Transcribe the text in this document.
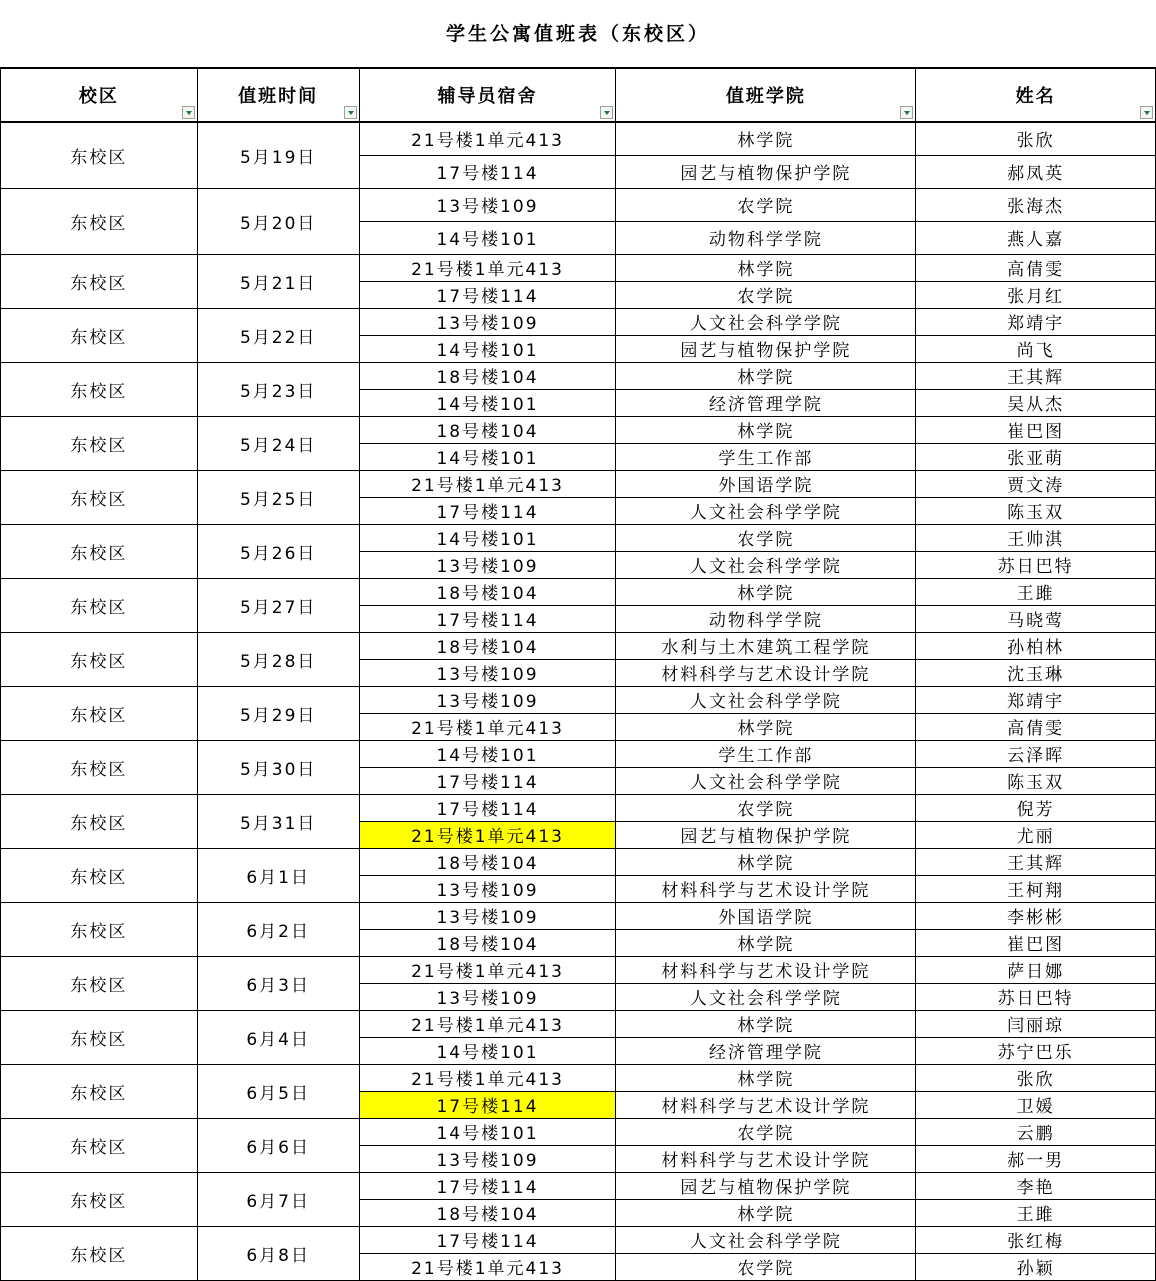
学生公寓值班表（东校区）
校区	值班时间	辅导员宿舍	值班学院	姓名

东校区	5月19日	21号楼1单元413	林学院	张欣
		17号楼114	园艺与植物保护学院	郝凤英
东校区	5月20日	13号楼109	农学院	张海杰
		14号楼101	动物科学学院	燕人嘉
东校区	5月21日	21号楼1单元413	林学院	高倩雯
		17号楼114	农学院	张月红
东校区	5月22日	13号楼109	人文社会科学学院	郑靖宇
		14号楼101	园艺与植物保护学院	尚飞
东校区	5月23日	18号楼104	林学院	王其辉
		14号楼101	经济管理学院	吴从杰
东校区	5月24日	18号楼104	林学院	崔巴图
		14号楼101	学生工作部	张亚萌
东校区	5月25日	21号楼1单元413	外国语学院	贾文涛
		17号楼114	人文社会科学学院	陈玉双
东校区	5月26日	14号楼101	农学院	王帅淇
		13号楼109	人文社会科学学院	苏日巴特
东校区	5月27日	18号楼104	林学院	王雎
		17号楼114	动物科学学院	马晓莺
东校区	5月28日	18号楼104	水利与土木建筑工程学院	孙柏林
		13号楼109	材料科学与艺术设计学院	沈玉琳
东校区	5月29日	13号楼109	人文社会科学学院	郑靖宇
		21号楼1单元413	林学院	高倩雯
东校区	5月30日	14号楼101	学生工作部	云泽晖
		17号楼114	人文社会科学学院	陈玉双
东校区	5月31日	17号楼114	农学院	倪芳
		21号楼1单元413	园艺与植物保护学院	尤丽
东校区	6月1日	18号楼104	林学院	王其辉
		13号楼109	材料科学与艺术设计学院	王柯翔
东校区	6月2日	13号楼109	外国语学院	李彬彬
		18号楼104	林学院	崔巴图
东校区	6月3日	21号楼1单元413	材料科学与艺术设计学院	萨日娜
		13号楼109	人文社会科学学院	苏日巴特
东校区	6月4日	21号楼1单元413	林学院	闫丽琼
		14号楼101	经济管理学院	苏宁巴乐
东校区	6月5日	21号楼1单元413	林学院	张欣
		17号楼114	材料科学与艺术设计学院	卫媛
东校区	6月6日	14号楼101	农学院	云鹏
		13号楼109	材料科学与艺术设计学院	郝一男
东校区	6月7日	17号楼114	园艺与植物保护学院	李艳
		18号楼104	林学院	王雎
东校区	6月8日	17号楼114	人文社会科学学院	张红梅
		21号楼1单元413	农学院	孙颖
